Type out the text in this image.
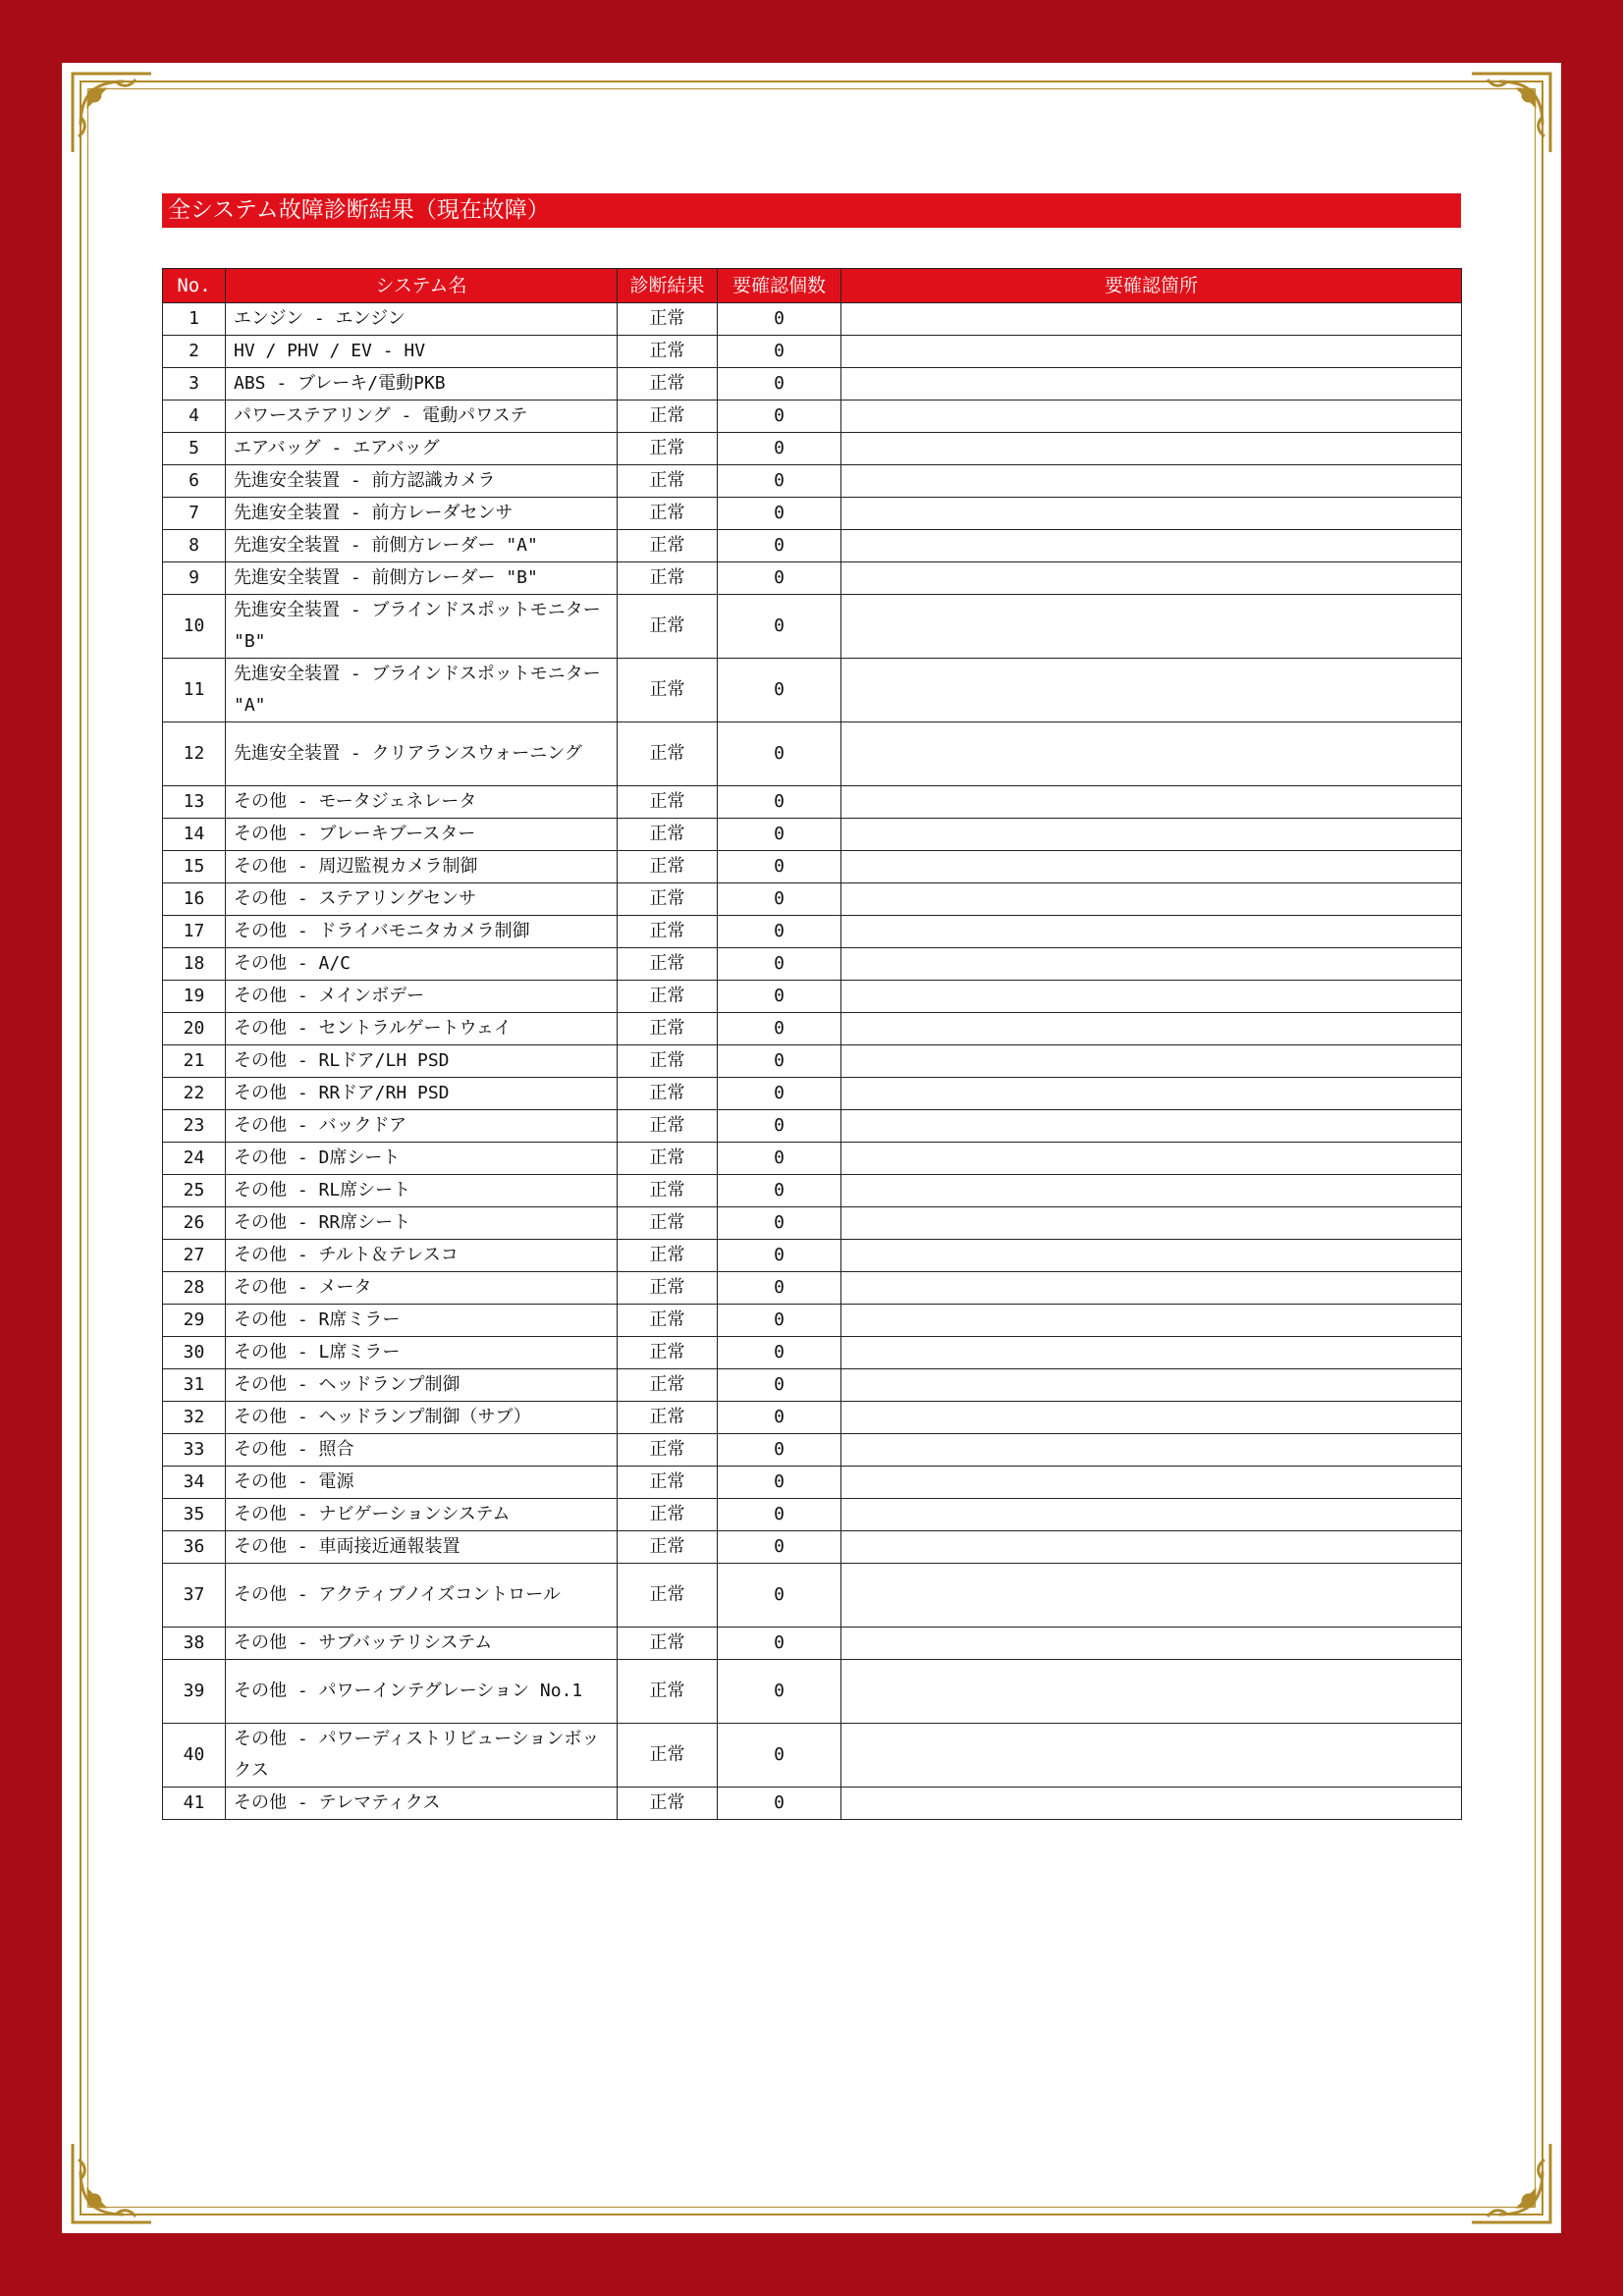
全システム故障診断結果（現在故障）
No.	システム名	診断結果	要確認個数	要確認箇所
1	エンジン - エンジン	正常	0	
2	HV / PHV / EV - HV	正常	0	
3	ABS - ブレーキ/電動PKB	正常	0	
4	パワーステアリング - 電動パワステ	正常	0	
5	エアバッグ - エアバッグ	正常	0	
6	先進安全装置 - 前方認識カメラ	正常	0	
7	先進安全装置 - 前方レーダセンサ	正常	0	
8	先進安全装置 - 前側方レーダー "A"	正常	0	
9	先進安全装置 - 前側方レーダー "B"	正常	0	
10	先進安全装置 - ブラインドスポットモニター "B"	正常	0	
11	先進安全装置 - ブラインドスポットモニター "A"	正常	0	
12	先進安全装置 - クリアランスウォーニング	正常	0	
13	その他 - モータジェネレータ	正常	0	
14	その他 - ブレーキブースター	正常	0	
15	その他 - 周辺監視カメラ制御	正常	0	
16	その他 - ステアリングセンサ	正常	0	
17	その他 - ドライバモニタカメラ制御	正常	0	
18	その他 - A/C	正常	0	
19	その他 - メインボデー	正常	0	
20	その他 - セントラルゲートウェイ	正常	0	
21	その他 - RLドア/LH PSD	正常	0	
22	その他 - RRドア/RH PSD	正常	0	
23	その他 - バックドア	正常	0	
24	その他 - D席シート	正常	0	
25	その他 - RL席シート	正常	0	
26	その他 - RR席シート	正常	0	
27	その他 - チルト＆テレスコ	正常	0	
28	その他 - メータ	正常	0	
29	その他 - R席ミラー	正常	0	
30	その他 - L席ミラー	正常	0	
31	その他 - ヘッドランプ制御	正常	0	
32	その他 - ヘッドランプ制御（サブ）	正常	0	
33	その他 - 照合	正常	0	
34	その他 - 電源	正常	0	
35	その他 - ナビゲーションシステム	正常	0	
36	その他 - 車両接近通報装置	正常	0	
37	その他 - アクティブノイズコントロール	正常	0	
38	その他 - サブバッテリシステム	正常	0	
39	その他 - パワーインテグレーション No.1	正常	0	
40	その他 - パワーディストリビューションボックス	正常	0	
41	その他 - テレマティクス	正常	0	
